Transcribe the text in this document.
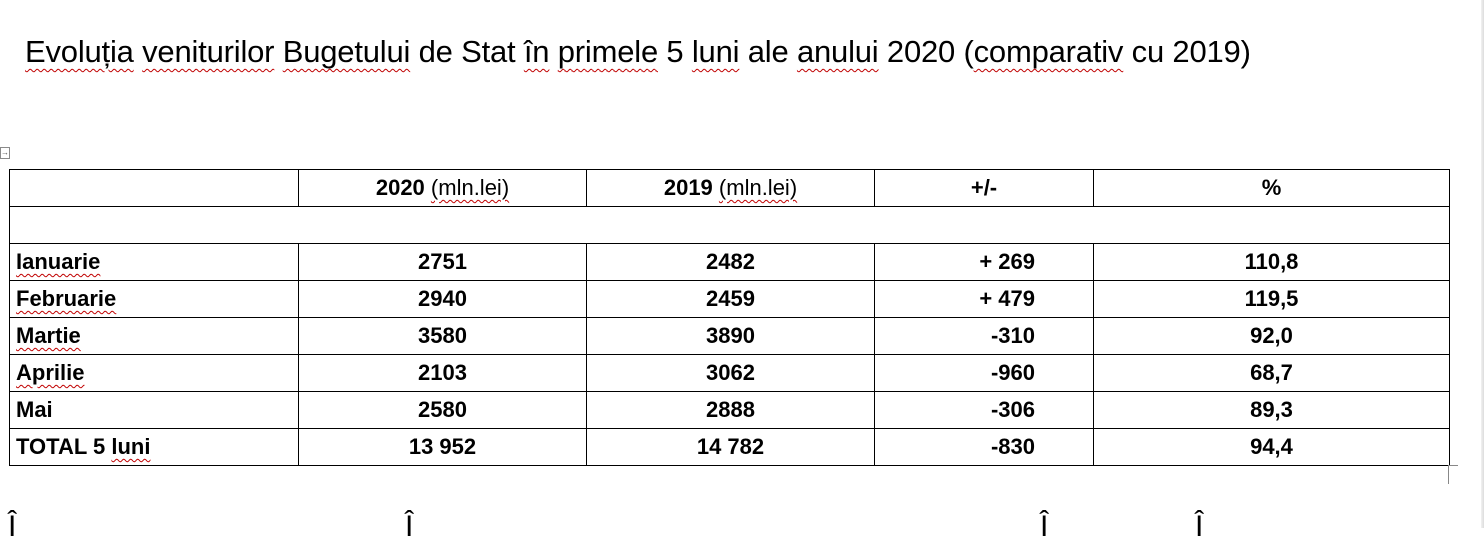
Evoluția veniturilor Bugetului de Stat în primele 5 luni ale anului 2020 (comparativ cu 2019)
→
	2020 (mln.lei)	2019 (mln.lei)	+/-	%

Ianuarie	2751	2482	+ 269	110,8
Februarie	2940	2459	+ 479	119,5
Martie	3580	3890	-310	92,0
Aprilie	2103	3062	-960	68,7
Mai	2580	2888	-306	89,3
TOTAL 5 luni	13 952	14 782	-830	94,4
Î	Î	Î	Î
